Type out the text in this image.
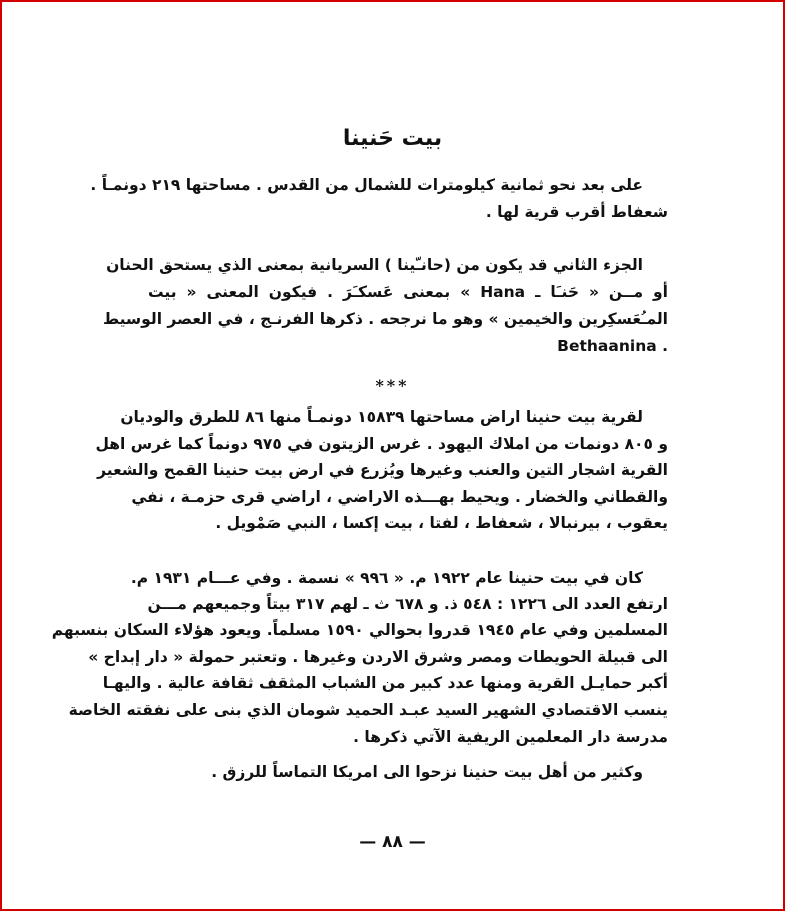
بيت حَنينا
على بعد نحو ثمانية كيلومترات للشمال من القدس . مساحتها ٢١٩ دونمـاً .
شعفاط أقرب قرية لها .
الجزء الثاني قد يكون من (حانـّينا ) السريانية بمعنى الذي يستحق الحنان
أو مــن « حَنـَا ـ Hana » بمعنى عَسكـَرَ . فيكون المعنى « بيت
المـُعَسكِرين والخيمين » وهو ما نرجحه . ذكرها الفرنـج ، في العصر الوسيط
. Bethaanina
***
لقرية بيت حنينا اراض مساحتها ١٥٨٣٩ دونمـاً منها ٨٦ للطرق والوديان
و ٨٠٥ دونمات من املاك اليهود . غرس الزيتون في ٩٧٥ دونماً كما غرس اهل
القرية اشجار التين والعنب وغيرها ويُزرع في ارض بيت حنينا القمح والشعير
والقطاني والخضار . ويحيط بهـــذه الاراضي ، اراضي قرى حزمـة ، نفي
يعقوب ، بيرنبالا ، شعفاط ، لفتا ، بيت إكسا ، النبي صَمْويل .
كان في بيت حنينا عام ١٩٢٢ م. « ٩٩٦ » نسمة . وفي عـــام ١٩٣١ م.
ارتفع العدد الى ١٢٢٦ : ٥٤٨ ذ. و ٦٧٨ ث ـ لهم ٣١٧ بيتاً وجميعهم مـــن
المسلمين وفي عام ١٩٤٥ قدروا بحوالي ١٥٩٠ مسلماً. ويعود هؤلاء السكان بنسبهم
الى قبيلة الحويطات ومصر وشرق الاردن وغيرها . وتعتبر حمولة « دار إبداح »
أكبر حمايـل القرية ومنها عدد كبير من الشباب المثقف ثقافة عالية . واليهـا
ينسب الاقتصادي الشهير السيد عبـد الحميد شومان الذي بنى على نفقته الخاصة
مدرسة دار المعلمين الريفية الآتي ذكرها .
وكثير من أهل بيت حنينا نزحوا الى امريكا التماساً للرزق .
— ٨٨ —
